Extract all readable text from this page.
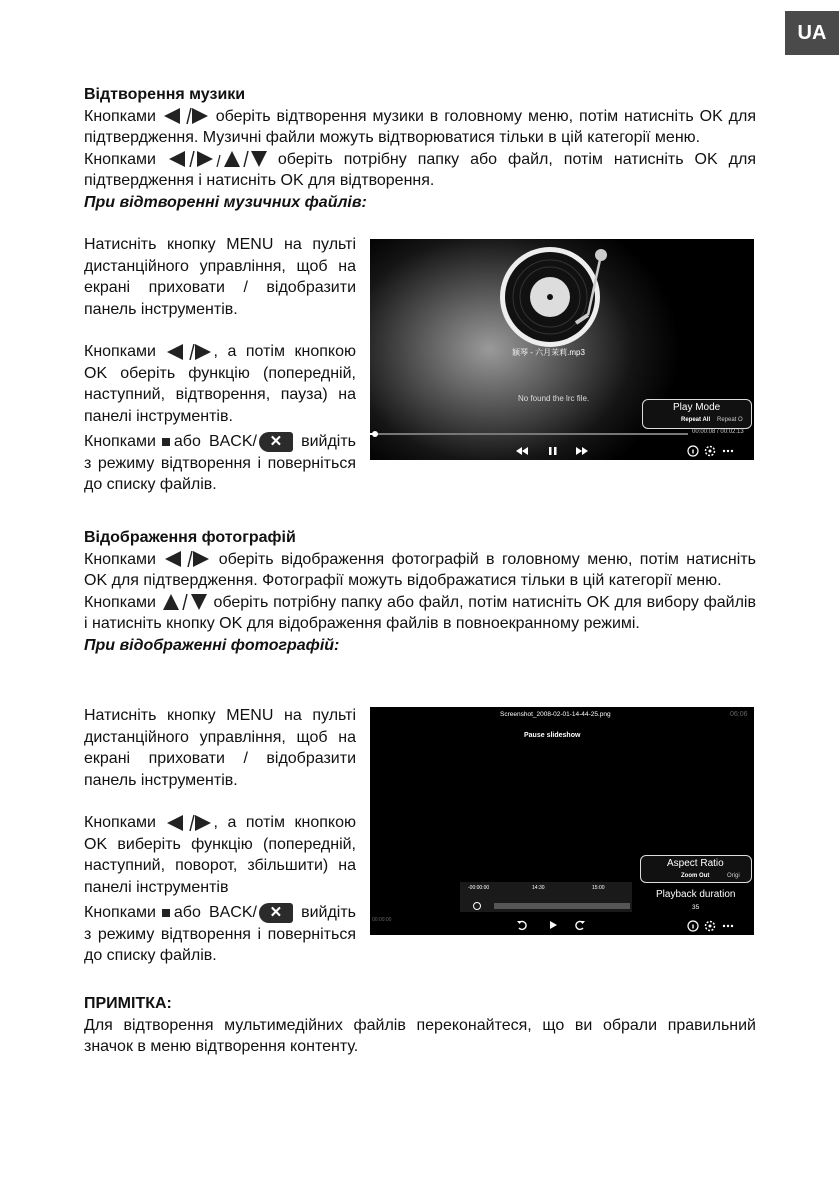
UA
Відтворення музики

Кнопками	оберіть відтворення музики в головному меню, потім натисніть OK для підтвердження. Музичні файли можуть відтворюватися тільки в цій категорії меню.

Кнопками	оберіть потрібну папку або файл, потім натисніть OK для підтвердження і натисніть OK для відтворення.

При відтворенні музичних файлів:

Натисніть кнопку MENU на пульті дистанційного управління, щоб на екрані приховати / відобразити панель інструментів.

Кнопками	, а потім кнопкою OK оберіть функцію (попередній, наступний, відтворення, пауза) на панелі інструментів.

Кнопками або BACK/ ✕ вийдіть з режиму відтворення і поверніться до списку файлів.

颖琴 - 六月茉莉.mp3
No found the lrc file.
Play Mode
Repeat All Repeat O
00:00:08 / 00:02:13
Відображення фотографій

Кнопками	оберіть відображення фотографій в головному меню, потім натисніть OK для підтвердження. Фотографії можуть відображатися тільки в цій категорії меню.

Кнопками	оберіть потрібну папку або файл, потім натисніть OK для вибору файлів і натисніть кнопку OK для відображення файлів в повноекранному режимі.

При відображенні фотографій:

Натисніть кнопку MENU на пульті дистанційного управління, щоб на екрані приховати / відобразити панель інструментів.

Кнопками	, а потім кнопкою OK виберіть функцію (попередній, наступний, поворот, збільшити) на панелі інструментів

Кнопками або BACK/ ✕ вийдіть з режиму відтворення і поверніться до списку файлів.

Screenshot_2008-02-01-14-44-25.png	06:06
Pause slideshow
Aspect Ratio
Zoom Out	Origi
Playback duration
35
-00:00:00	14:30	15:00
00:00:00
ПРИМІТКА:

Для відтворення мультимедійних файлів переконайтеся, що ви обрали правильний значок в меню відтворення контенту.
